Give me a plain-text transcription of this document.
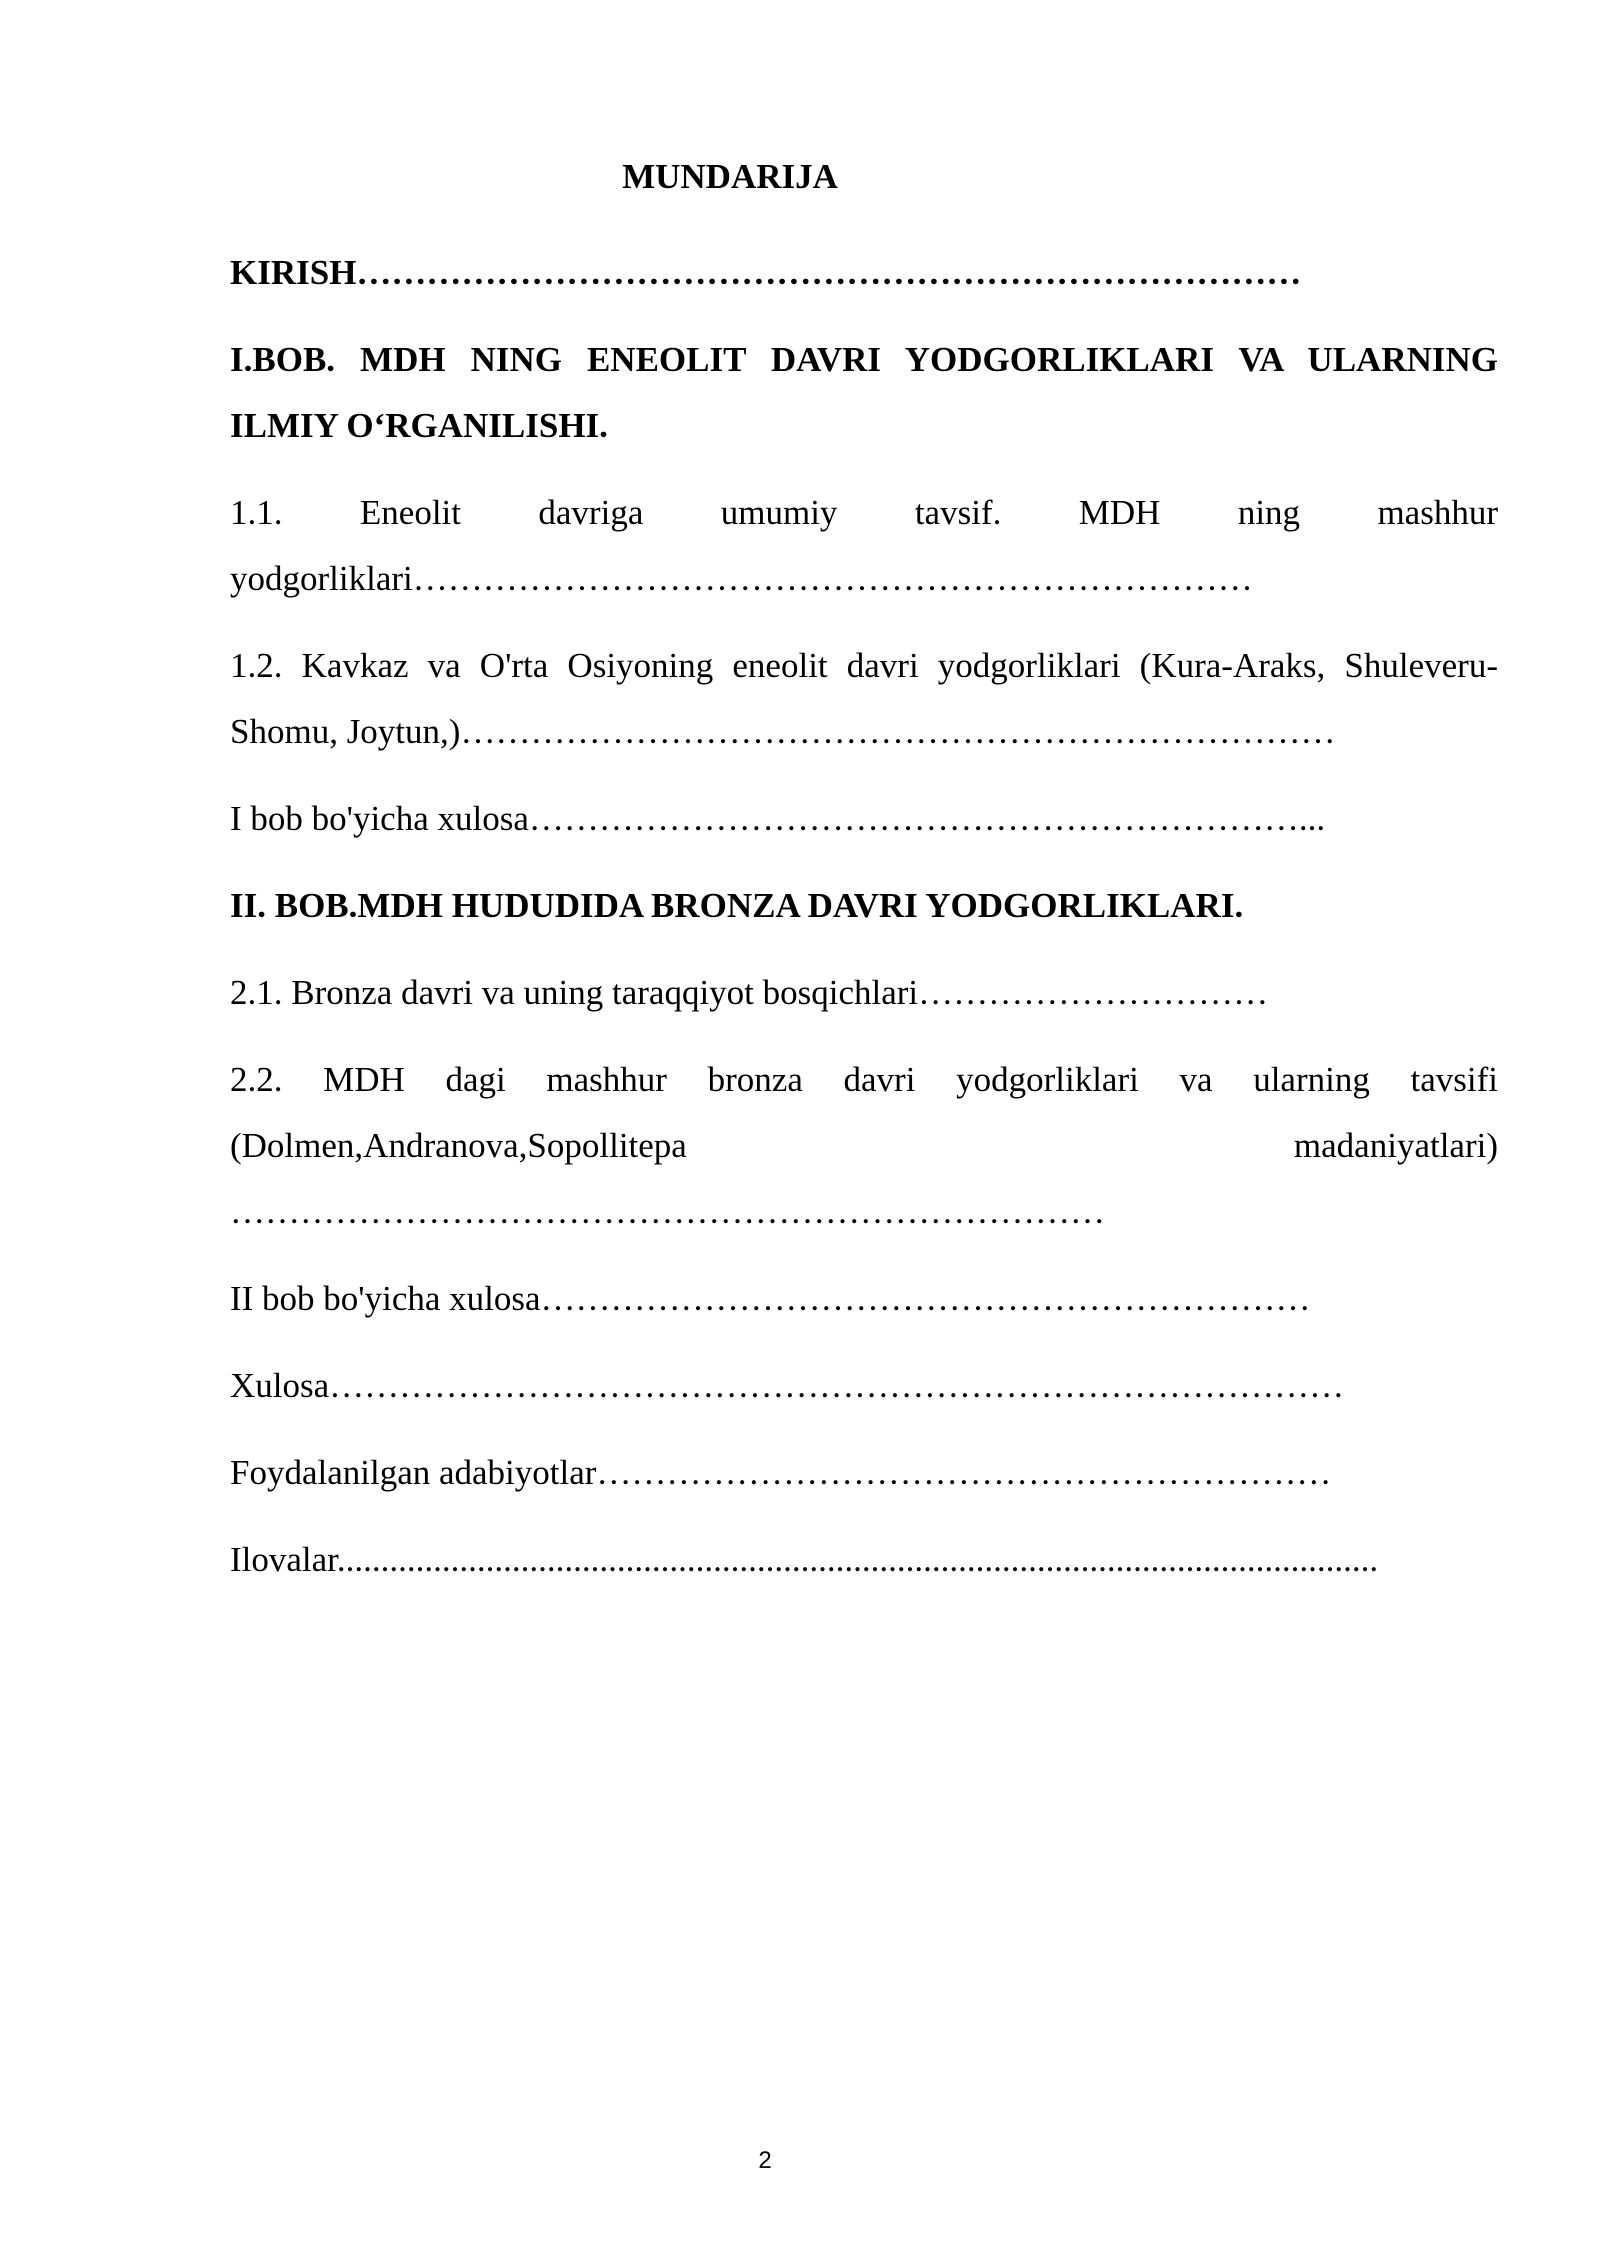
MUNDARIJA

KIRISH………………………………………………………………………

I.BOB. MDH NING ENEOLIT DAVRI YODGORLIKLARI VA ULARNING
ILMIY O‘RGANILISHI.
1.1. Eneolit davriga umumiy tavsif. MDH ning mashhur
yodgorliklari………………………………………………………………
1.2. Kavkaz va O'rta Osiyoning eneolit davri yodgorliklari (Kura-Araks, Shuleveru-
Shomu, Joytun,)…………………………………………………………………

I bob bo'yicha xulosa…………………………………………………………...

II. BOB.MDH HUDUDIDA BRONZA DAVRI YODGORLIKLARI.

2.1. Bronza davri va uning taraqqiyot bosqichlari…………………………

2.2. MDH dagi mashhur bronza davri yodgorliklari va ularning tavsifi
(Dolmen,Andranova,Sopollitepa madaniyatlari)
…………………………………………………………………

II bob bo'yicha xulosa…………………………………………………………

Xulosa……………………………………………………………………………

Foydalanilgan adabiyotlar………………………………………………………

Ilovalar.......................................................................................................................

2
